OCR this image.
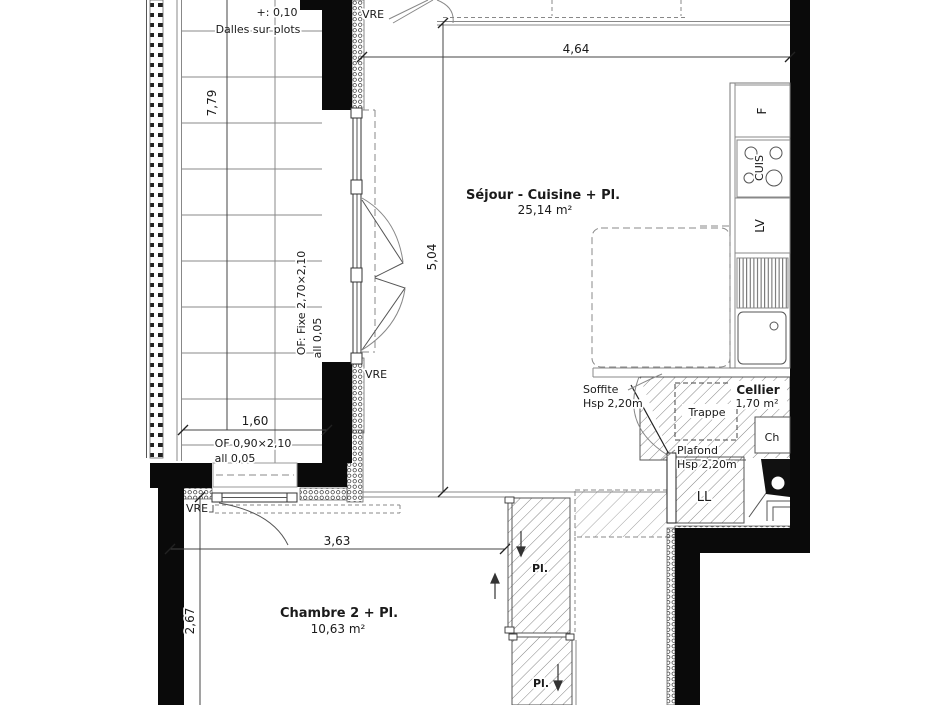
+: 0,10
Dalles sur plots
OF: Fixe 2,70×2,10 all 0,05
VRE
VRE
VRE
OF 0,90×2,10
all 0,05
F
CUIS
LV
Trappe
Cellier
1,70 m²
Ch
LL
Soffite
Hsp 2,20m
Plafond
Hsp 2,20m
Séjour - Cuisine + Pl.
25,14 m²
Chambre 2 + Pl.
10,63 m²
Pl.
Pl.
4,64
5,04
7,79
1,60
3,63
2,67
